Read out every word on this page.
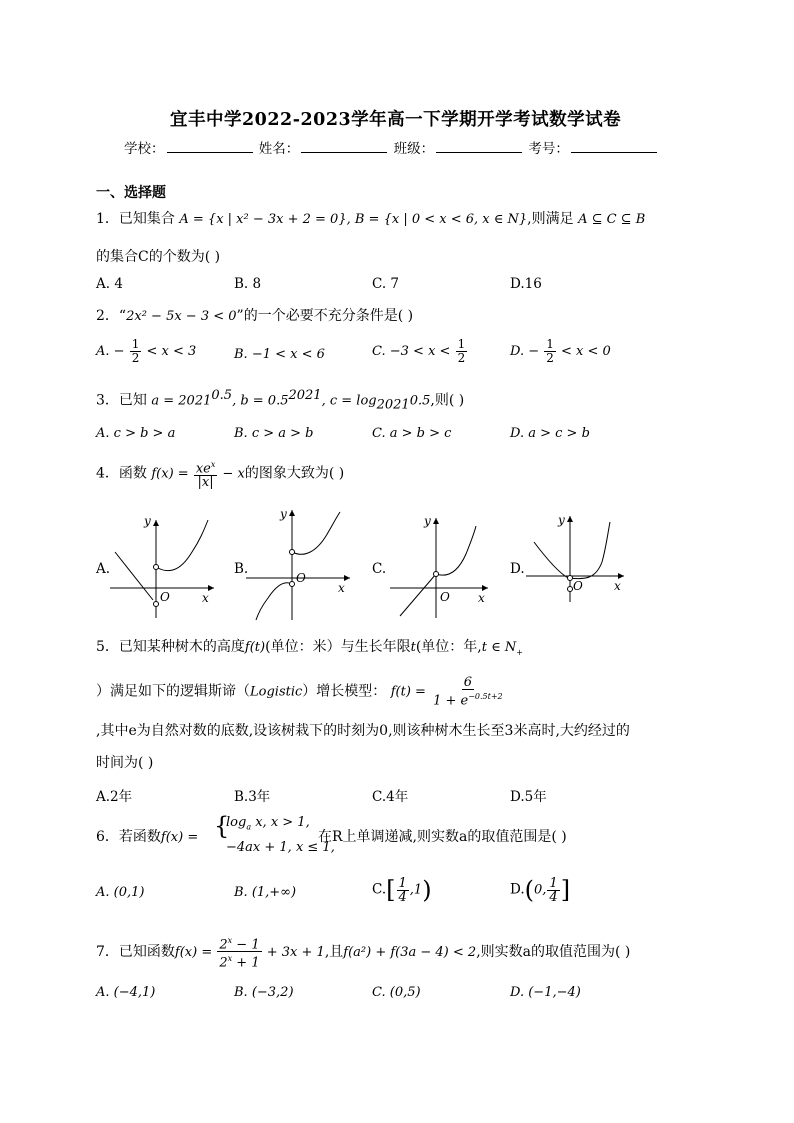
宜丰中学2022-2023学年高一下学期开学考试数学试卷
学校：	姓名：	班级：	考号：
一、选择题
1．已知集合 A = {x | x² − 3x + 2 = 0}, B = {x | 0 < x < 6, x ∈ N},则满足 A ⊆ C ⊆ B
的集合C的个数为( )
A. 4	B. 8	C. 7	D.16
2．“2x² − 5x − 3 < 0”的一个必要不充分条件是( )
A. − $\frac{1}{2} < x < 3$	B. −1 < x < 6	C. $-3 < x < \frac{1}{2}$	D. − $\frac{1}{2} < x < 0$
3．已知 $a = 2021^{0.5}$, $b = 0.5^{2021}$, $c = \log_{2021}0.5$,则( )
A. c > b > a	B. c > a > b	C. a > b > c	D. a > c > b
4．函数 $f(x) = \frac{xe^x}{|x|} - x$的图象大致为( )
A.
y
x
O
B.
y
x
O
C.
y
x
O
D.
y
x
O
5．已知某种树木的高度f(t)(单位：米）与生长年限t(单位：年,t ∈ $N_+$
）满足如下的逻辑斯谛（Logistic）增长模型： $f(t) = \frac{6}{1 + e^{-0.5t+2}}$
,其中e为自然对数的底数,设该树栽下的时刻为0,则该种树木生长至3米高时,大约经过的
时间为( )
A.2年	B.3年	C.4年	D.5年
6．若函数f(x) = {
$\log_a x$, x > 1,
−4ax + 1, x ≤ 1,
在R上单调递减,则实数a的取值范围是( )
A. (0,1)	B. (1,+∞)	$C.[ \frac{1}{4} ,1)$	D.(0, $\frac{1}{4}$ ]
7．已知函数$f(x) = \frac{2^x - 1}{2^x + 1} + 3x + 1$,且f(a²) + f(3a − 4) < 2,则实数a的取值范围为( )
A. (−4,1)	B. (−3,2)	C. (0,5)	D. (−1,−4)
